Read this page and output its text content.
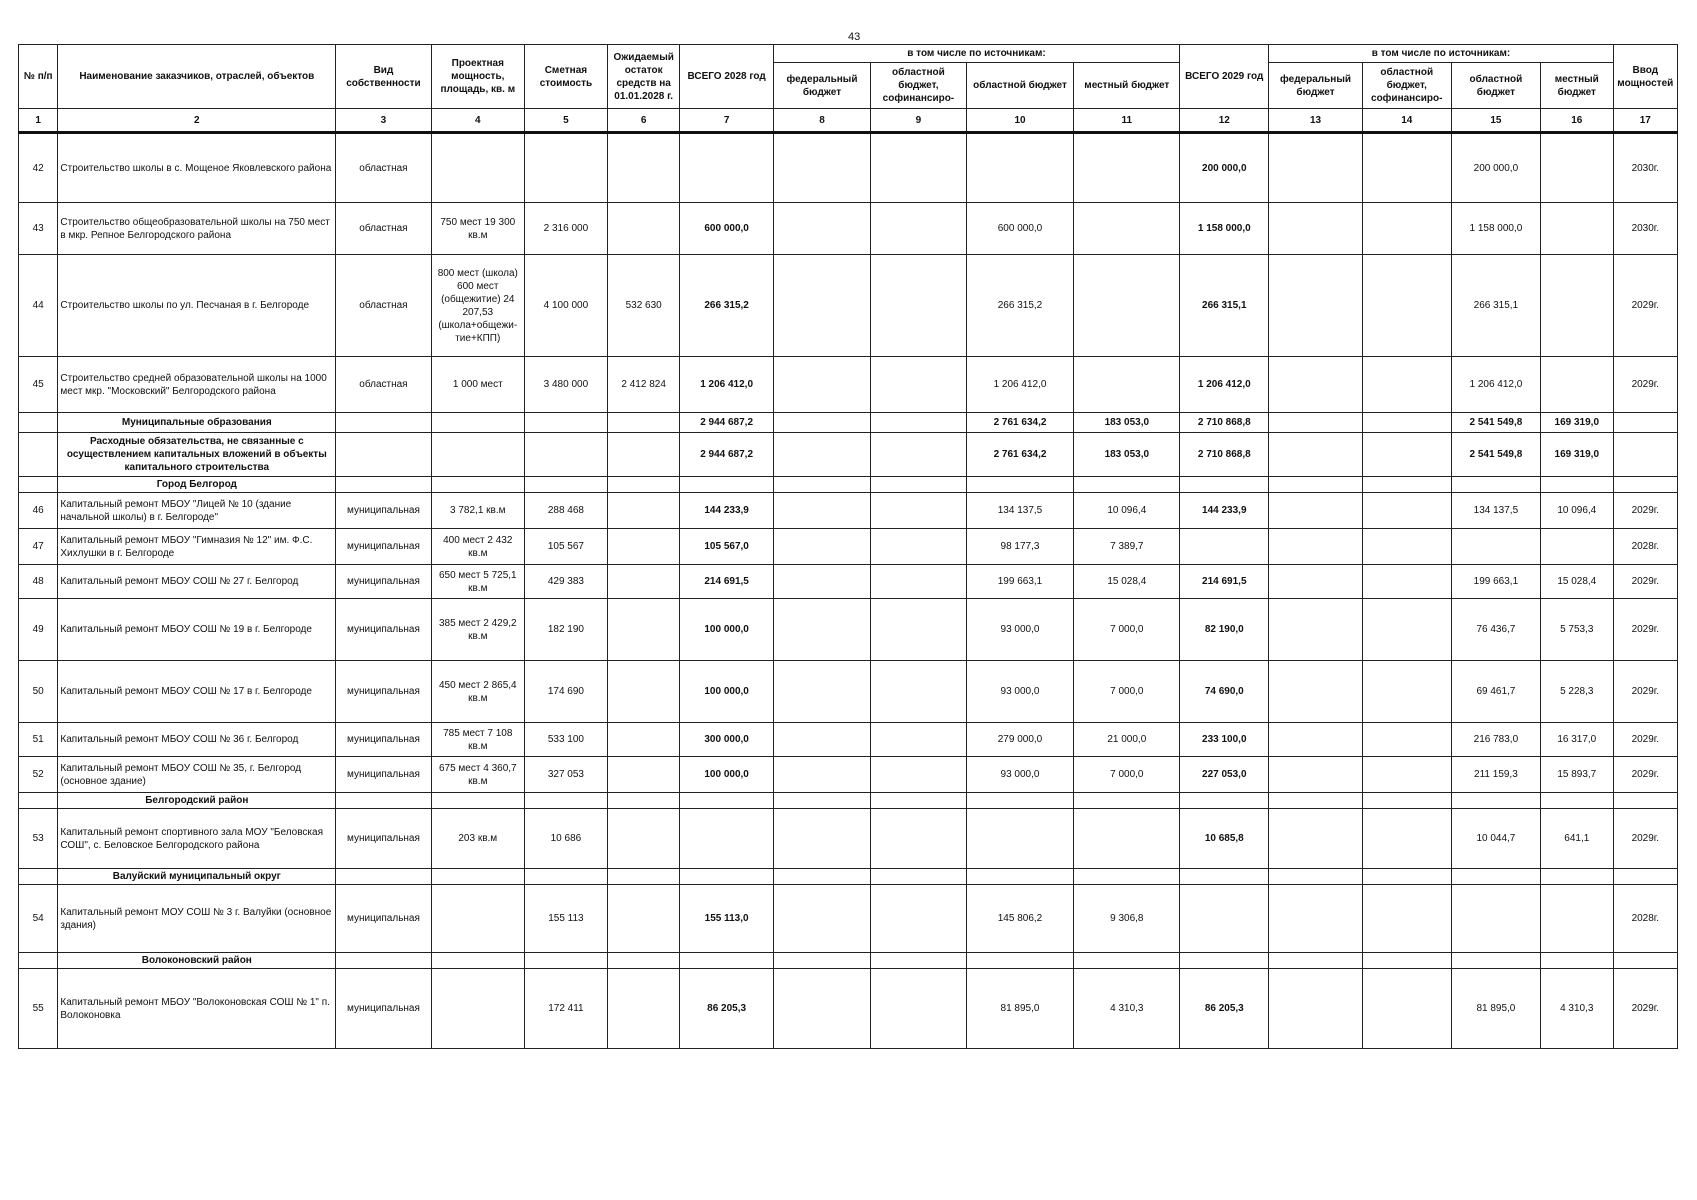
43
№ п/п	Наименование заказчиков, отраслей, объектов	Вид собственности	Проектная мощность, площадь, кв. м	Сметная стоимость	Ожидаемый остаток средств на 01.01.2028 г.	ВСЕГО 2028 год	в том числе по источникам:				ВСЕГО 2029 год	в том числе по источникам:				Ввод мощностей
							федеральный бюджет	областной бюджет, софинансиро-	областной бюджет	местный бюджет		федеральный бюджет	областной бюджет, софинансиро-	областной бюджет	местный бюджет	
1	2	3	4	5	6	7	8	9	10	11	12	13	14	15	16	17
42	Строительство школы в с. Мощеное Яковлевского района	областная									200 000,0			200 000,0		2030г.
43	Строительство общеобразовательной школы на 750 мест в мкр. Репное Белгородского района	областная	750 мест 19 300 кв.м	2 316 000		600 000,0			600 000,0		1 158 000,0			1 158 000,0		2030г.
44	Строительство школы по ул. Песчаная в г. Белгороде	областная	800 мест (школа) 600 мест (общежитие) 24 207,53 (школа+общежи-тие+КПП)	4 100 000	532 630	266 315,2			266 315,2		266 315,1			266 315,1		2029г.
45	Строительство средней образовательной школы на 1000 мест мкр. "Московский" Белгородского района	областная	1 000 мест	3 480 000	2 412 824	1 206 412,0			1 206 412,0		1 206 412,0			1 206 412,0		2029г.
	Муниципальные образования					2 944 687,2			2 761 634,2	183 053,0	2 710 868,8			2 541 549,8	169 319,0	
	Расходные обязательства, не связанные с осуществлением капитальных вложений в объекты капитального строительства					2 944 687,2			2 761 634,2	183 053,0	2 710 868,8			2 541 549,8	169 319,0	
	Город Белгород															
46	Капитальный ремонт МБОУ "Лицей № 10 (здание начальной школы) в г. Белгороде"	муниципальная	3 782,1 кв.м	288 468		144 233,9			134 137,5	10 096,4	144 233,9			134 137,5	10 096,4	2029г.
47	Капитальный ремонт МБОУ "Гимназия № 12" им. Ф.С. Хихлушки в г. Белгороде	муниципальная	400 мест 2 432 кв.м	105 567		105 567,0			98 177,3	7 389,7						2028г.
48	Капитальный ремонт МБОУ СОШ № 27 г. Белгород	муниципальная	650 мест 5 725,1 кв.м	429 383		214 691,5			199 663,1	15 028,4	214 691,5			199 663,1	15 028,4	2029г.
49	Капитальный ремонт МБОУ СОШ № 19 в г. Белгороде	муниципальная	385 мест 2 429,2 кв.м	182 190		100 000,0			93 000,0	7 000,0	82 190,0			76 436,7	5 753,3	2029г.
50	Капитальный ремонт МБОУ СОШ № 17 в г. Белгороде	муниципальная	450 мест 2 865,4 кв.м	174 690		100 000,0			93 000,0	7 000,0	74 690,0			69 461,7	5 228,3	2029г.
51	Капитальный ремонт МБОУ СОШ № 36 г. Белгород	муниципальная	785 мест 7 108 кв.м	533 100		300 000,0			279 000,0	21 000,0	233 100,0			216 783,0	16 317,0	2029г.
52	Капитальный ремонт МБОУ СОШ № 35, г. Белгород (основное здание)	муниципальная	675 мест 4 360,7 кв.м	327 053		100 000,0			93 000,0	7 000,0	227 053,0			211 159,3	15 893,7	2029г.
	Белгородский район															
53	Капитальный ремонт спортивного зала МОУ "Беловская СОШ", с. Беловское Белгородского района	муниципальная	203 кв.м	10 686							10 685,8			10 044,7	641,1	2029г.
	Валуйский муниципальный округ															
54	Капитальный ремонт МОУ СОШ № 3 г. Валуйки (основное здания)	муниципальная		155 113		155 113,0			145 806,2	9 306,8						2028г.
	Волоконовский район															
55	Капитальный ремонт МБОУ "Волоконовская СОШ № 1" п. Волоконовка	муниципальная		172 411		86 205,3			81 895,0	4 310,3	86 205,3			81 895,0	4 310,3	2029г.
